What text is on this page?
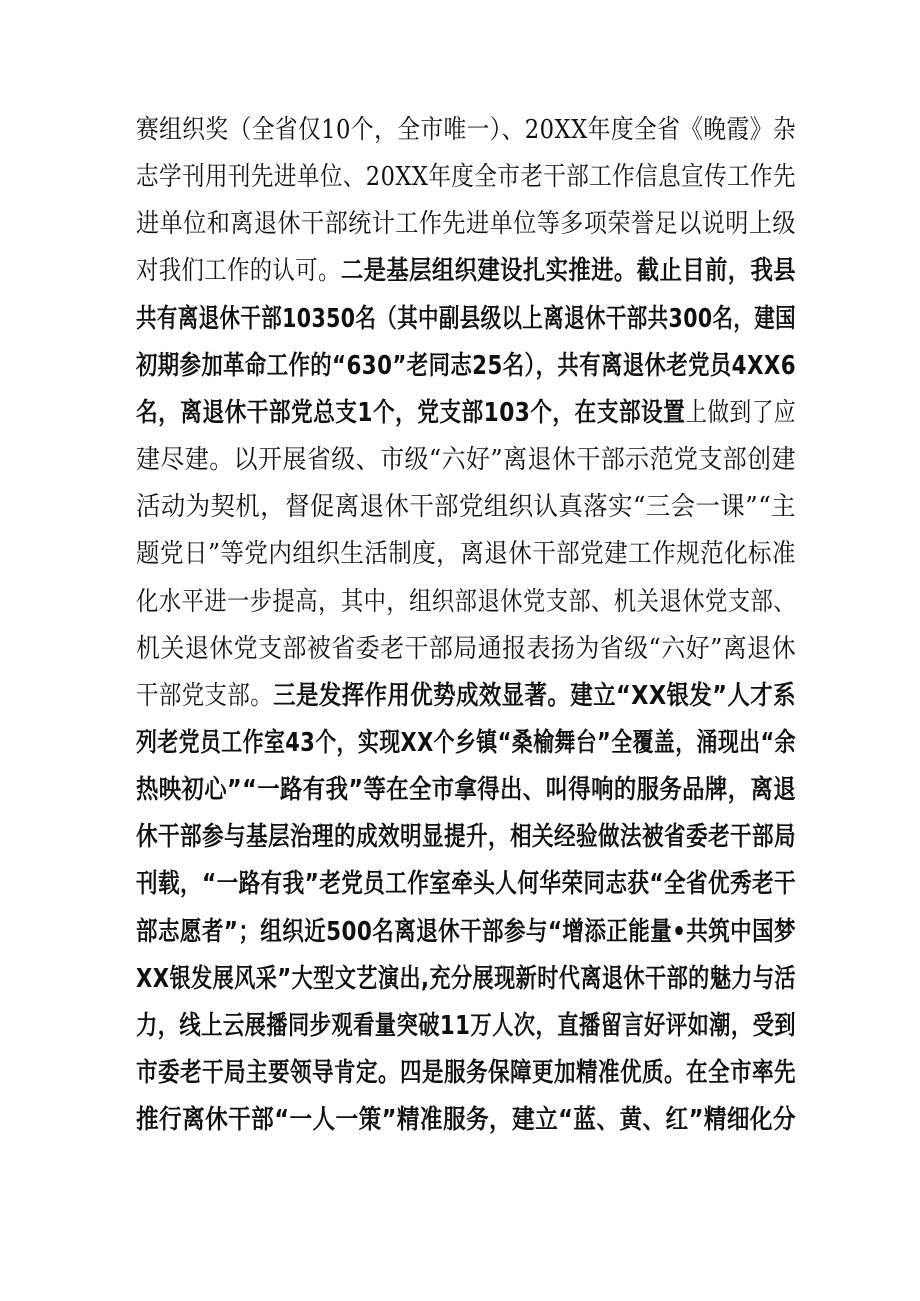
赛组织奖（全省仅10个，全市唯一）、20XX年度全省《晚霞》杂
志学刊用刊先进单位、20XX年度全市老干部工作信息宣传工作先
进单位和离退休干部统计工作先进单位等多项荣誉足以说明上级
对我们工作的认可。二是基层组织建设扎实推进。截止目前，我县
共有离退休干部10350名（其中副县级以上离退休干部共300名，建国
初期参加革命工作的“630”老同志25名），共有离退休老党员4XX6
名，离退休干部党总支1个，党支部103个，在支部设置上做到了应
建尽建。以开展省级、市级“六好”离退休干部示范党支部创建
活动为契机，督促离退休干部党组织认真落实“三会一课”“主
题党日”等党内组织生活制度，离退休干部党建工作规范化标准
化水平进一步提高，其中，组织部退休党支部、机关退休党支部、
机关退休党支部被省委老干部局通报表扬为省级“六好”离退休
干部党支部。三是发挥作用优势成效显著。建立“XX银发”人才系
列老党员工作室43个，实现XX个乡镇“桑榆舞台”全覆盖，涌现出“余
热映初心”“一路有我”等在全市拿得出、叫得响的服务品牌，离退
休干部参与基层治理的成效明显提升，相关经验做法被省委老干部局
刊载，“一路有我”老党员工作室牵头人何华荣同志获“全省优秀老干
部志愿者”；组织近500名离退休干部参与“增添正能量•共筑中国梦
XX银发展风采”大型文艺演出,充分展现新时代离退休干部的魅力与活
力，线上云展播同步观看量突破11万人次，直播留言好评如潮，受到
市委老干局主要领导肯定。四是服务保障更加精准优质。在全市率先
推行离休干部“一人一策”精准服务，建立“蓝、黄、红”精细化分
